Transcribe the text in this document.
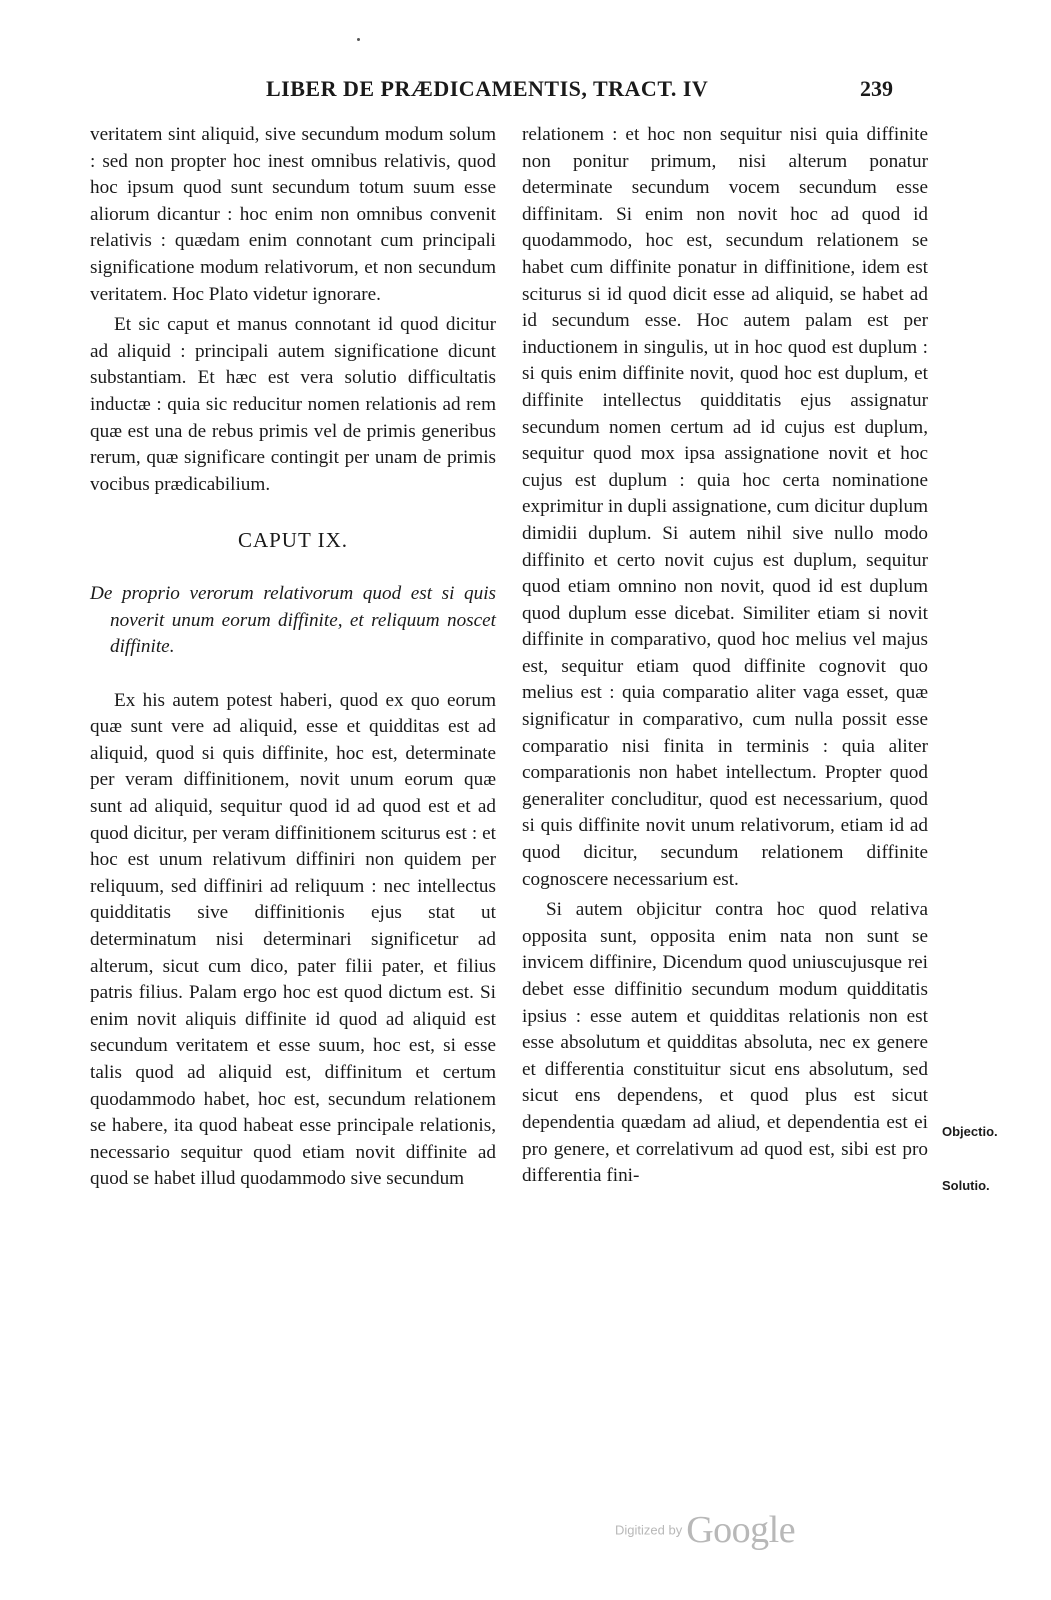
LIBER DE PRÆDICAMENTIS, TRACT. IV	239

veritatem sint aliquid, sive secundum modum solum : sed non propter hoc inest omnibus relativis, quod hoc ipsum quod sunt secundum totum suum esse aliorum dicantur : hoc enim non omnibus convenit relativis : quædam enim connotant cum principali significatione modum relativorum, et non secundum veritatem. Hoc Plato videtur ignorare.

Et sic caput et manus connotant id quod dicitur ad aliquid : principali autem significatione dicunt substantiam. Et hæc est vera solutio difficultatis inductæ : quia sic reducitur nomen relationis ad rem quæ est una de rebus primis vel de primis generibus rerum, quæ significare contingit per unam de primis vocibus prædicabilium.

CAPUT IX.
De proprio verorum relativorum quod est si quis noverit unum eorum diffinite, et reliquum noscet diffinite.

Ex his autem potest haberi, quod ex quo eorum quæ sunt vere ad aliquid, esse et quidditas est ad aliquid, quod si quis diffinite, hoc est, determinate per veram diffinitionem, novit unum eorum quæ sunt ad aliquid, sequitur quod id ad quod est et ad quod dicitur, per veram diffinitionem sciturus est : et hoc est unum relativum diffiniri non quidem per reliquum, sed diffiniri ad reliquum : nec intellectus quidditatis sive diffinitionis ejus stat ut determinatum nisi determinari significetur ad alterum, sicut cum dico, pater filii pater, et filius patris filius. Palam ergo hoc est quod dictum est. Si enim novit aliquis diffinite id quod ad aliquid est secundum veritatem et esse suum, hoc est, si esse talis quod ad aliquid est, diffinitum et certum quodammodo habet, hoc est, secundum relationem se habere, ita quod habeat esse principale relationis, necessario sequitur quod etiam novit diffinite ad quod se habet illud quodammodo sive secundum

relationem : et hoc non sequitur nisi quia diffinite non ponitur primum, nisi alterum ponatur determinate secundum vocem secundum esse diffinitam. Si enim non novit hoc ad quod id quodammodo, hoc est, secundum relationem se habet cum diffinite ponatur in diffinitione, idem est sciturus si id quod dicit esse ad aliquid, se habet ad id secundum esse. Hoc autem palam est per inductionem in singulis, ut in hoc quod est duplum : si quis enim diffinite novit, quod hoc est duplum, et diffinite intellectus quidditatis ejus assignatur secundum nomen certum ad id cujus est duplum, sequitur quod mox ipsa assignatione novit et hoc cujus est duplum : quia hoc certa nominatione exprimitur in dupli assignatione, cum dicitur duplum dimidii duplum. Si autem nihil sive nullo modo diffinito et certo novit cujus est duplum, sequitur quod etiam omnino non novit, quod id est duplum quod duplum esse dicebat. Similiter etiam si novit diffinite in comparativo, quod hoc melius vel majus est, sequitur etiam quod diffinite cognovit quo melius est : quia comparatio aliter vaga esset, quæ significatur in comparativo, cum nulla possit esse comparatio nisi finita in terminis : quia aliter comparationis non habet intellectum. Propter quod generaliter concluditur, quod est necessarium, quod si quis diffinite novit unum relativorum, etiam id ad quod dicitur, secundum relationem diffinite cognoscere necessarium est.

Si autem objicitur contra hoc quod relativa opposita sunt, opposita enim nata non sunt se invicem diffinire, Dicendum quod uniuscujusque rei debet esse diffinitio secundum modum quidditatis ipsius : esse autem et quidditas relationis non est esse absolutum et quidditas absoluta, nec ex genere et differentia constituitur sicut ens absolutum, sed sicut ens dependens, et quod plus est sicut dependentia quædam ad aliud, et dependentia est ei pro genere, et correlativum ad quod est, sibi est pro differentia fini-

Objectio.
Solutio.
Digitized by Google
